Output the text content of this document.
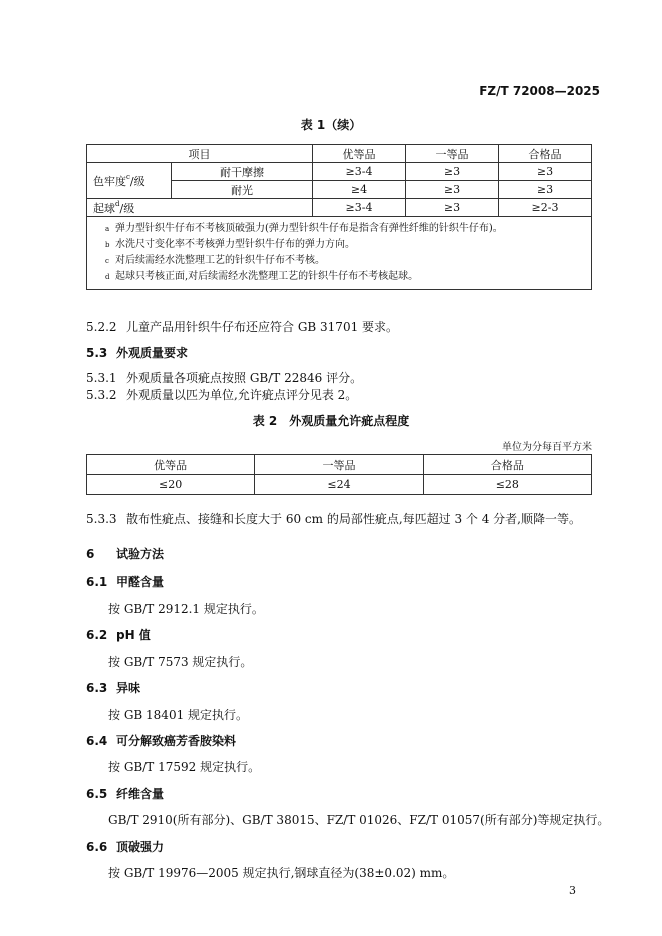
FZ/T 72008—2025
表 1（续）
项目		优等品	一等品	合格品
色牢度$^c$/级	耐干摩擦	≥3-4	≥3	≥3
	耐光	≥4	≥3	≥3
起球$^d$/级		≥3-4	≥3	≥2-3

a 弹力型针织牛仔布不考核顶破强力(弹力型针织牛仔布是指含有弹性纤维的针织牛仔布)。
b 水洗尺寸变化率不考核弹力型针织牛仔布的弹力方向。
c 对后续需经水洗整理工艺的针织牛仔布不考核。
d 起球只考核正面,对后续需经水洗整理工艺的针织牛仔布不考核起球。				
5.2.2 儿童产品用针织牛仔布还应符合 GB 31701 要求。
5.3 外观质量要求
5.3.1 外观质量各项疵点按照 GB/T 22846 评分。
5.3.2 外观质量以匹为单位,允许疵点评分见表 2。
表 2　外观质量允许疵点程度
单位为分每百平方米
优等品	一等品	合格品
≤20	≤24	≤28
5.3.3 散布性疵点、接缝和长度大于 60 cm 的局部性疵点,每匹超过 3 个 4 分者,顺降一等。
6 试验方法
6.1 甲醛含量
按 GB/T 2912.1 规定执行。
6.2 pH 值
按 GB/T 7573 规定执行。
6.3 异味
按 GB 18401 规定执行。
6.4 可分解致癌芳香胺染料
按 GB/T 17592 规定执行。
6.5 纤维含量
GB/T 2910(所有部分)、GB/T 38015、FZ/T 01026、FZ/T 01057(所有部分)等规定执行。
6.6 顶破强力
按 GB/T 19976—2005 规定执行,钢球直径为(38±0.02) mm。
3
